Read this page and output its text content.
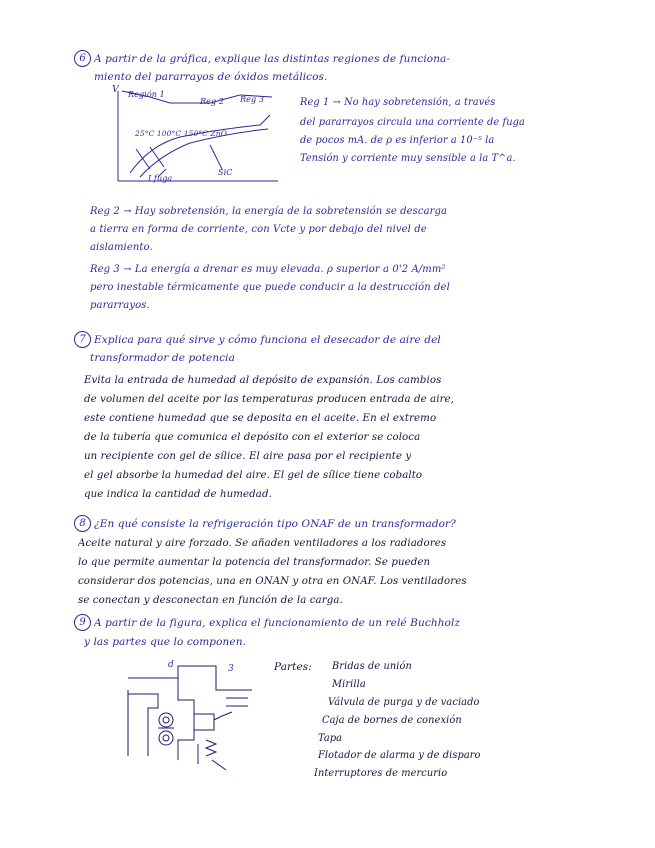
6 A partir de la gráfica, explique las distintas regiones de funciona-
miento del pararrayos de óxidos metálicos.
V Región 1
Reg 2 Reg 3
25°C 100°C 150°C ZnO
I fuga
SiC
Reg 1 → No hay sobretensión, a través
del pararrayos circula una corriente de fuga
de pocos mA. de ρ es inferior a 10⁻⁵ la
Tensión y corriente muy sensible a la T^a.
Reg 2 → Hay sobretensión, la energía de la sobretensión se descarga
a tierra en forma de corriente, con Vcte y por debajo del nivel de
aislamiento.
Reg 3 → La energía a drenar es muy elevada. ρ superior a 0'2 A/mm²
pero inestable térmicamente que puede conducir a la destrucción del
pararrayos.
7 Explica para qué sirve y cómo funciona el desecador de aire del
transformador de potencia
Evita la entrada de humedad al depósito de expansión. Los cambios
de volumen del aceite por las temperaturas producen entrada de aire,
este contiene humedad que se deposita en el aceite. En el extremo
de la tubería que comunica el depósito con el exterior se coloca
un recipiente con gel de sílice. El aire pasa por el recipiente y
el gel absorbe la humedad del aire. El gel de sílice tiene cobalto
que indica la cantidad de humedad.
8 ¿En qué consiste la refrigeración tipo ONAF de un transformador?
Aceite natural y aire forzado. Se añaden ventiladores a los radiadores
lo que permite aumentar la potencia del transformador. Se pueden
considerar dos potencias, una en ONAN y otra en ONAF. Los ventiladores
se conectan y desconectan en función de la carga.
9 A partir de la figura, explica el funcionamiento de un relé Buchholz
y las partes que lo componen.
d	3	Partes: Bridas de unión
Mirilla
Válvula de purga y de vaciado
Caja de bornes de conexión
Tapa
Flotador de alarma y de disparo
Interruptores de mercurio
